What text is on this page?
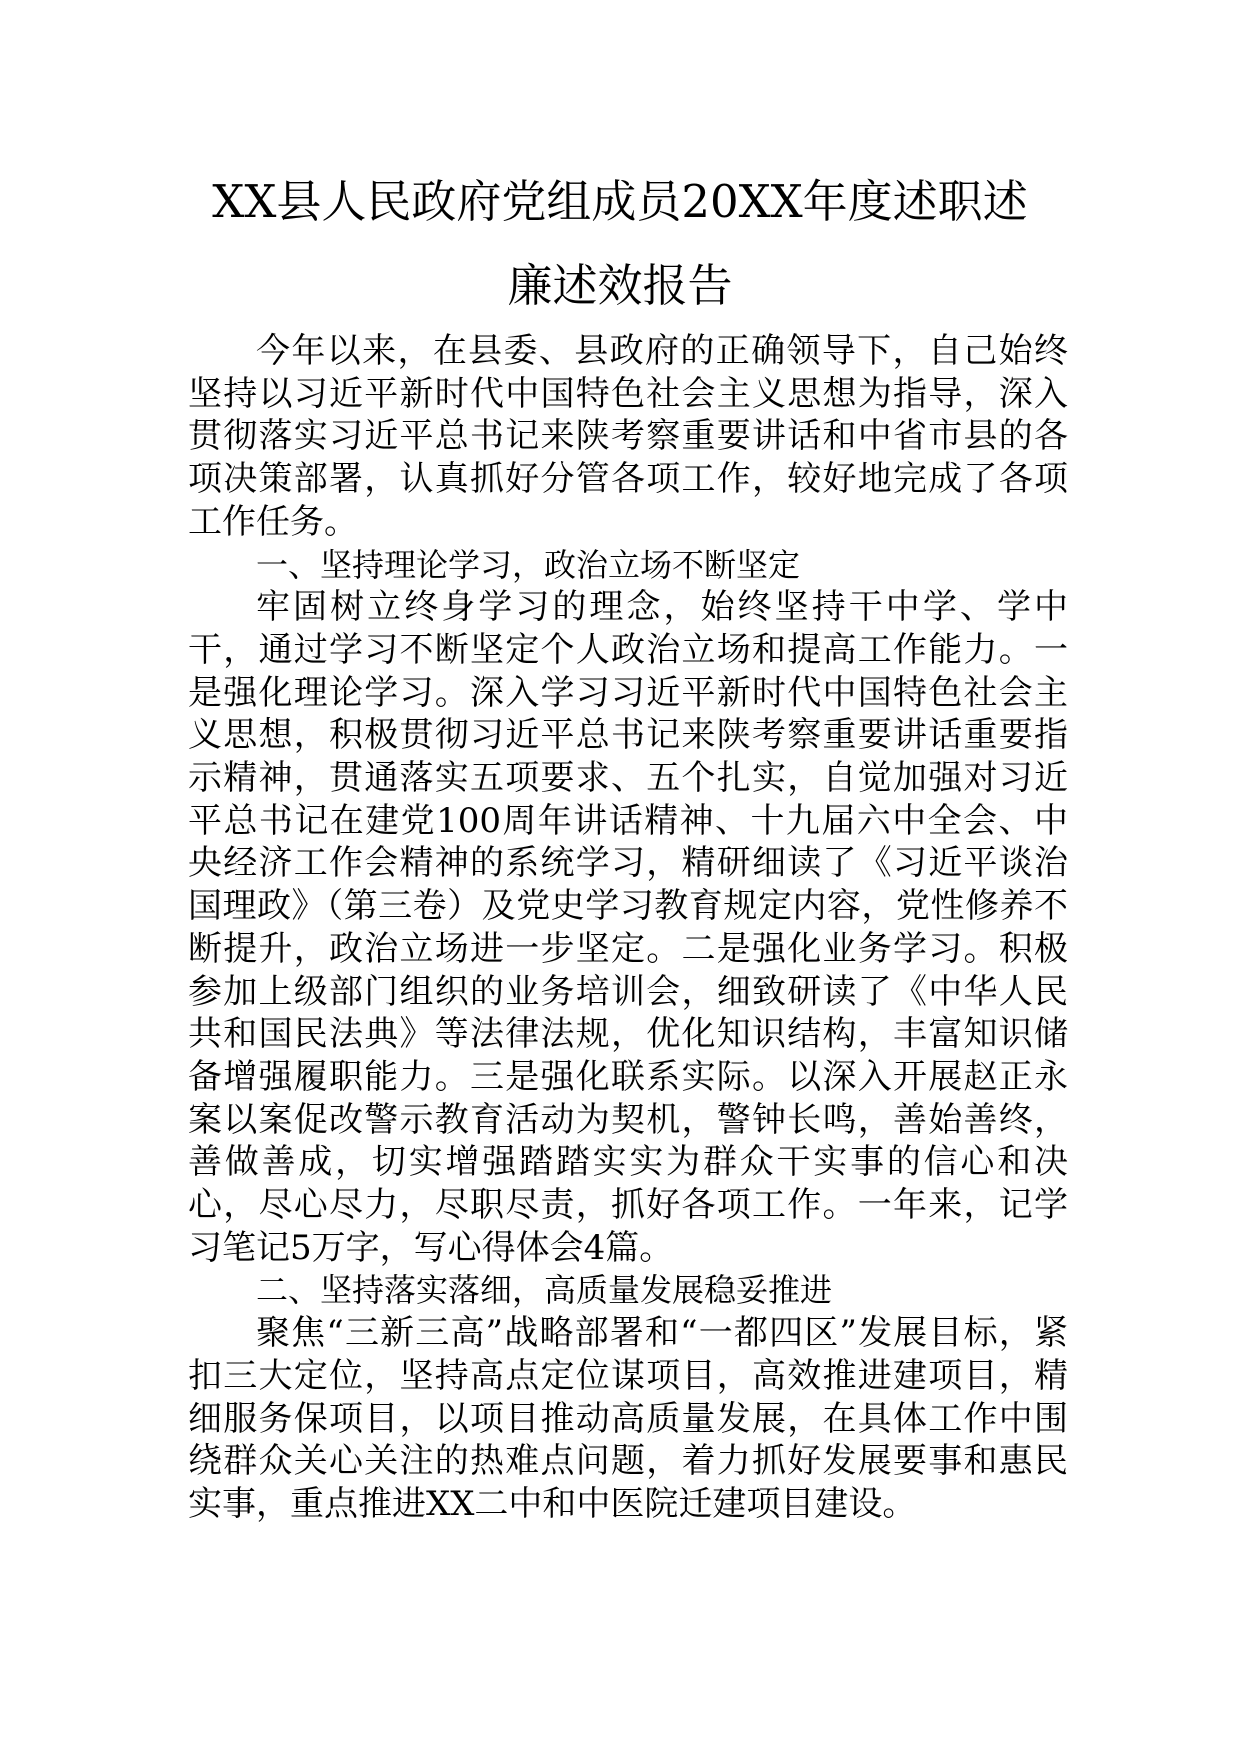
XX县人民政府党组成员20XX年度述职述
廉述效报告

今年以来，在县委、县政府的正确领导下，自己始终坚持以习近平新时代中国特色社会主义思想为指导，深入贯彻落实习近平总书记来陕考察重要讲话和中省市县的各项决策部署，认真抓好分管各项工作，较好地完成了各项工作任务。

一、坚持理论学习，政治立场不断坚定

牢固树立终身学习的理念，始终坚持干中学、学中干，通过学习不断坚定个人政治立场和提高工作能力。一是强化理论学习。深入学习习近平新时代中国特色社会主义思想，积极贯彻习近平总书记来陕考察重要讲话重要指示精神，贯通落实五项要求、五个扎实，自觉加强对习近平总书记在建党100周年讲话精神、十九届六中全会、中央经济工作会精神的系统学习，精研细读了《习近平谈治国理政》（第三卷）及党史学习教育规定内容，党性修养不断提升，政治立场进一步坚定。二是强化业务学习。积极参加上级部门组织的业务培训会，细致研读了《中华人民共和国民法典》等法律法规，优化知识结构，丰富知识储备增强履职能力。三是强化联系实际。以深入开展赵正永案以案促改警示教育活动为契机，警钟长鸣，善始善终，善做善成，切实增强踏踏实实为群众干实事的信心和决心，尽心尽力，尽职尽责，抓好各项工作。一年来，记学习笔记5万字，写心得体会4篇。

二、坚持落实落细，高质量发展稳妥推进

聚焦“三新三高”战略部署和“一都四区”发展目标，紧扣三大定位，坚持高点定位谋项目，高效推进建项目，精细服务保项目，以项目推动高质量发展，在具体工作中围绕群众关心关注的热难点问题，着力抓好发展要事和惠民实事，重点推进XX二中和中医院迁建项目建设。
